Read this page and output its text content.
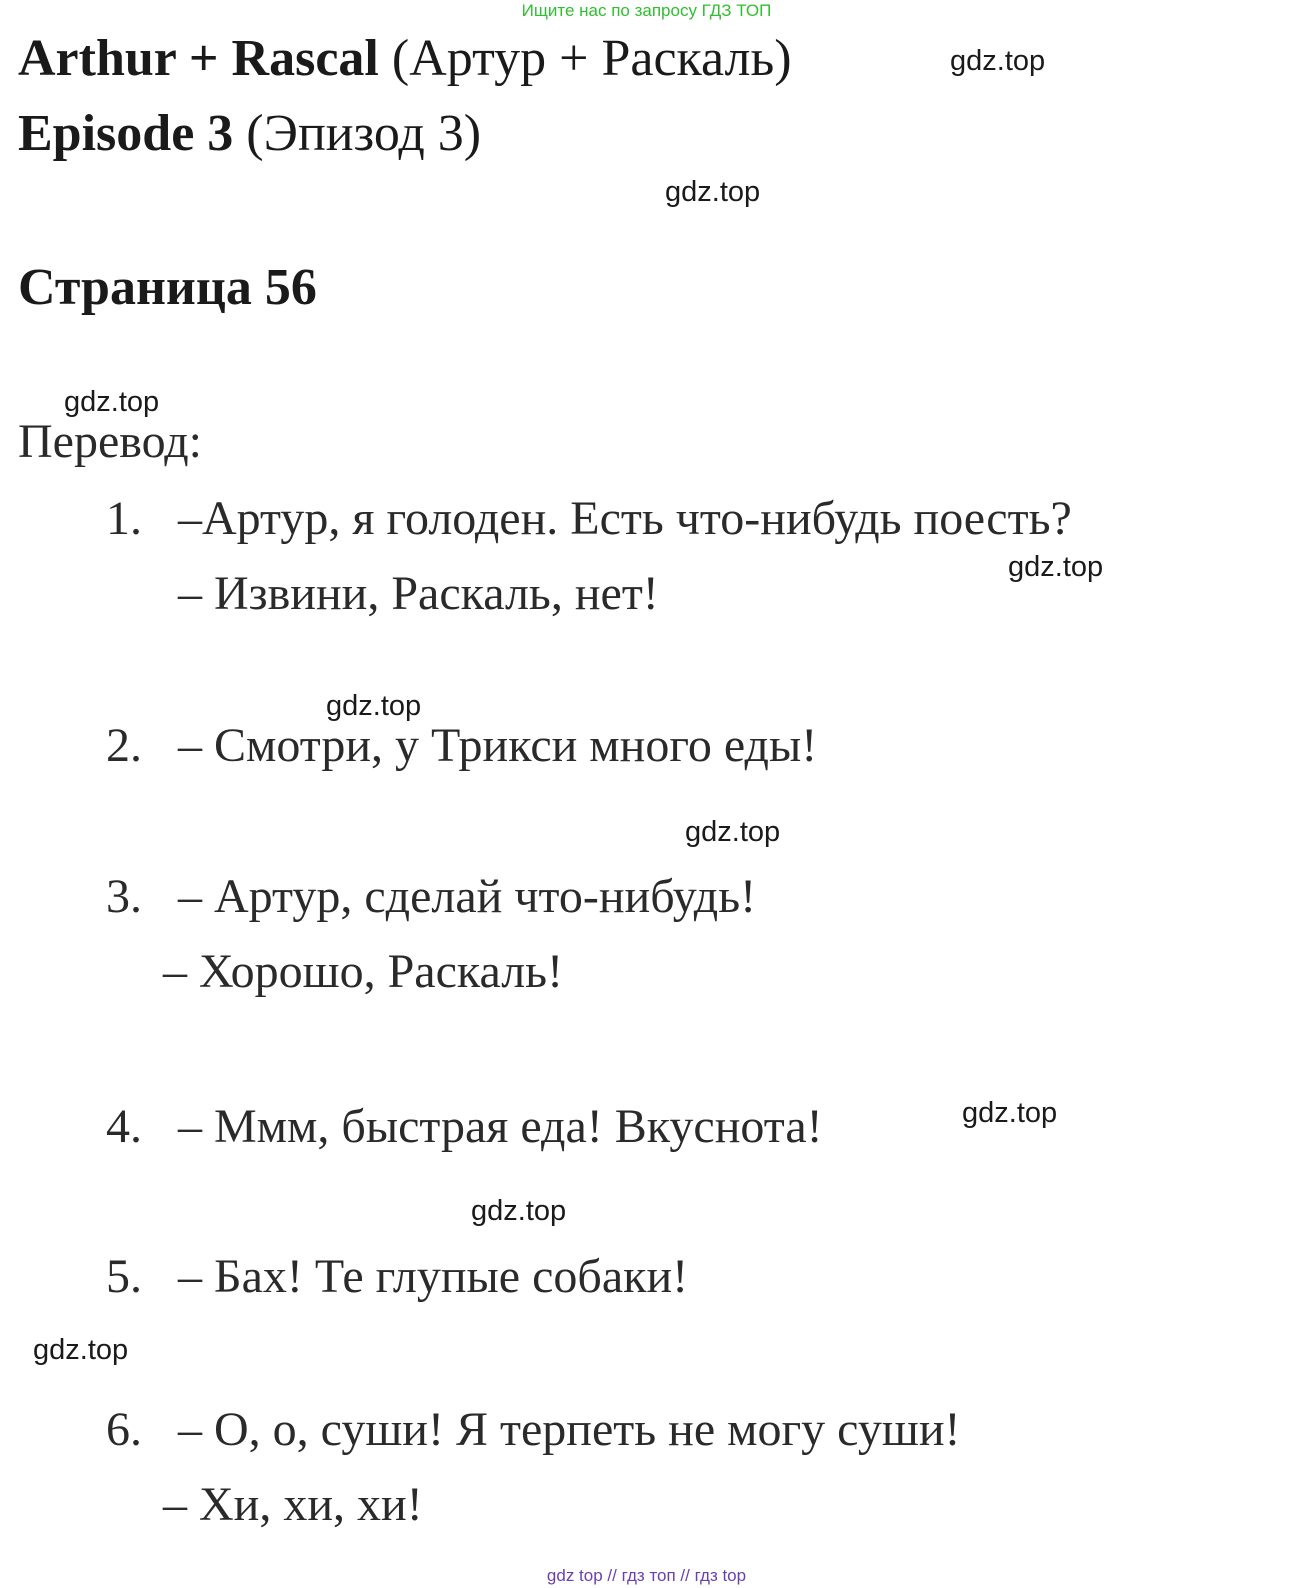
Ищите нас по запросу ГДЗ ТОП
Arthur + Rascal (Артур + Раскаль)	gdz.top
Episode 3 (Эпизод 3)
gdz.top
Страница 56
gdz.top
Перевод:
1. –Артур, я голоден. Есть что-нибудь поесть?
gdz.top
– Извини, Раскаль, нет!
gdz.top
2. – Смотри, у Трикси много еды!
gdz.top
3. – Артур, сделай что-нибудь!
– Хорошо, Раскаль!
4. – Ммм, быстрая еда! Вкуснота!	gdz.top
gdz.top
5. – Бах! Те глупые собаки!
gdz.top
6. – О, о, суши! Я терпеть не могу суши!
– Хи, хи, хи!
gdz top // гдз топ // гдз top
